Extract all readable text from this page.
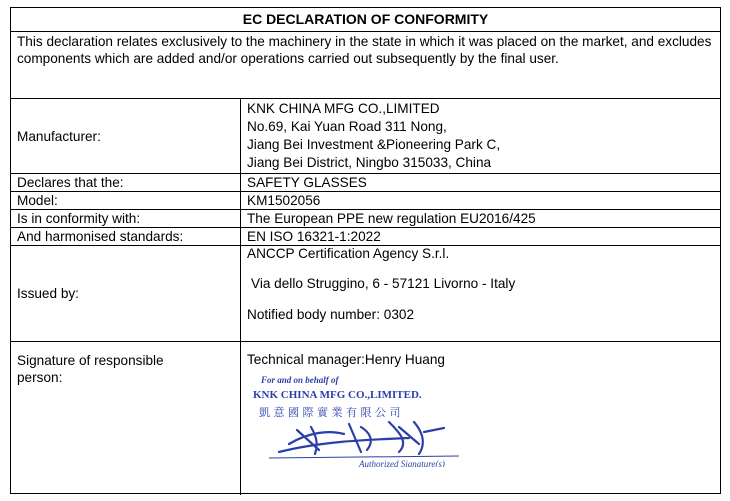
EC DECLARATION OF CONFORMITY
This declaration relates exclusively to the machinery in the state in which it was placed on the market, and excludes components which are added and/or operations carried out subsequently by the final user.
Manufacturer:
KNK CHINA MFG CO.,LIMITED
No.69, Kai Yuan Road 311 Nong,
Jiang Bei Investment &Pioneering Park C,
Jiang Bei District, Ningbo 315033, China
Declares that the:	SAFETY GLASSES
Model:	KM1502056
Is in conformity with:	The European PPE new regulation EU2016/425
And harmonised standards:	EN ISO 16321-1:2022
Issued by:
ANCCP Certification Agency S.r.l.
Via dello Struggino, 6 - 57121 Livorno - Italy
Notified body number: 0302
Signature of responsible
person:
Technical manager:Henry Huang
For and on behalf of
KNK CHINA MFG CO.,LIMITED.
凱 意 國 際 實 業 有 限 公 司
Authorized Signature(s)
